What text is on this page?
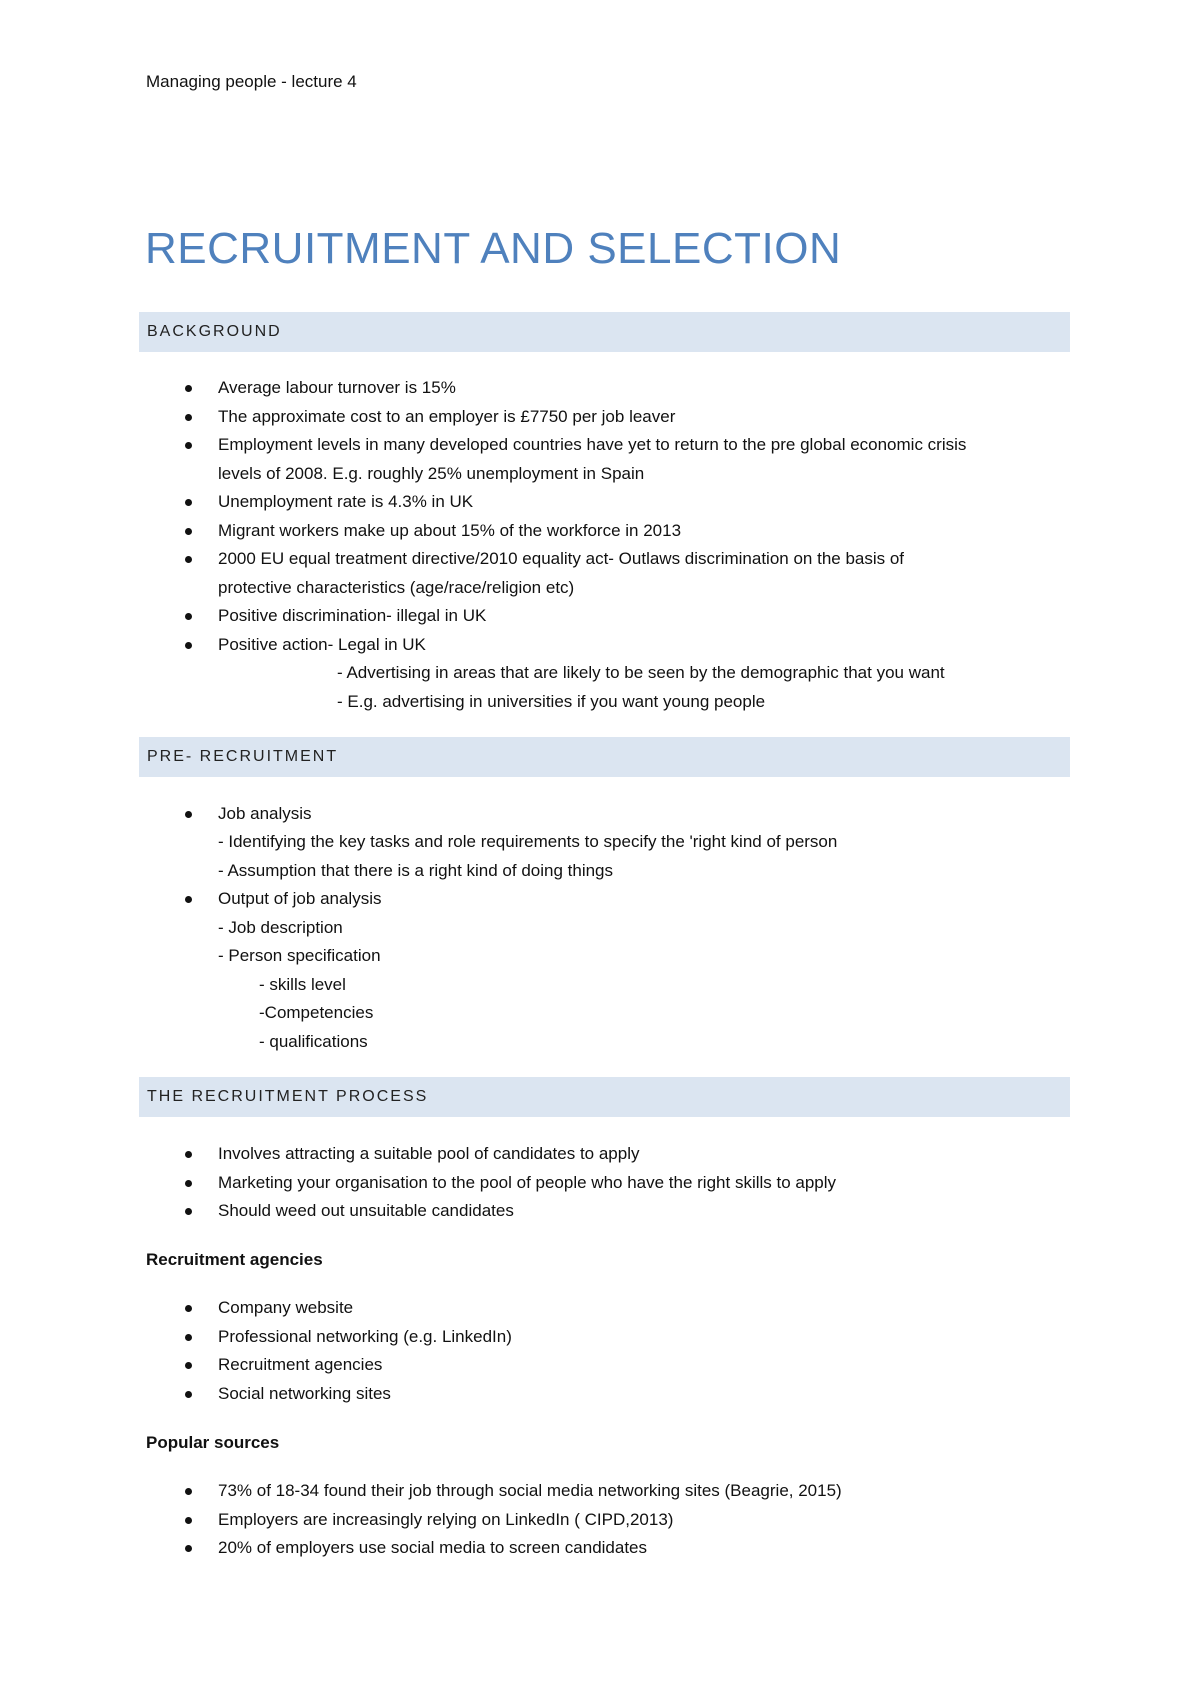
Managing people - lecture 4
RECRUITMENT AND SELECTION
BACKGROUND
Average labour turnover is 15%
The approximate cost to an employer is £7750 per job leaver
Employment levels in many developed countries have yet to return to the pre global economic crisis
levels of 2008. E.g. roughly 25% unemployment in Spain
Unemployment rate is 4.3% in UK
Migrant workers make up about 15% of the workforce in 2013
2000 EU equal treatment directive/2010 equality act- Outlaws discrimination on the basis of
protective characteristics (age/race/religion etc)
Positive discrimination- illegal in UK
Positive action- Legal in UK
- Advertising in areas that are likely to be seen by the demographic that you want
- E.g. advertising in universities if you want young people
PRE- RECRUITMENT
Job analysis
- Identifying the key tasks and role requirements to specify the 'right kind of person
- Assumption that there is a right kind of doing things
Output of job analysis
- Job description
- Person specification
- skills level
-Competencies
- qualifications
THE RECRUITMENT PROCESS
Involves attracting a suitable pool of candidates to apply
Marketing your organisation to the pool of people who have the right skills to apply
Should weed out unsuitable candidates
Recruitment agencies
Company website
Professional networking (e.g. LinkedIn)
Recruitment agencies
Social networking sites
Popular sources
73% of 18-34 found their job through social media networking sites (Beagrie, 2015)
Employers are increasingly relying on LinkedIn ( CIPD,2013)
20% of employers use social media to screen candidates
